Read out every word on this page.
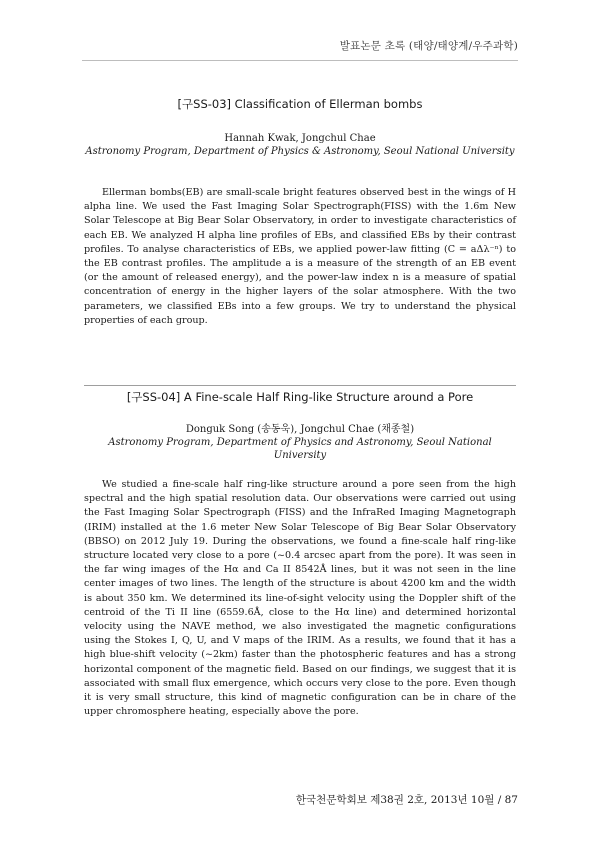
발표논문 초록 (태양/태양계/우주과학)
[구SS-03] Classification of Ellerman bombs

Hannah Kwak, Jongchul Chae

Astronomy Program, Department of Physics & Astronomy, Seoul National University

Ellerman bombs(EB) are small-scale bright features observed best in the wings of H alpha line. We used the Fast Imaging Solar Spectrograph(FISS) with the 1.6m New Solar Telescope at Big Bear Solar Observatory, in order to investigate characteristics of each EB. We analyzed H alpha line profiles of EBs, and classified EBs by their contrast profiles. To analyse characteristics of EBs, we applied power-law fitting (C = aΔλ⁻ⁿ) to the EB contrast profiles. The amplitude a is a measure of the strength of an EB event (or the amount of released energy), and the power-law index n is a measure of spatial concentration of energy in the higher layers of the solar atmosphere. With the two parameters, we classified EBs into a few groups. We try to understand the physical properties of each group.

[구SS-04] A Fine-scale Half Ring-like Structure around a Pore

Donguk Song (송동욱), Jongchul Chae (채종철)

Astronomy Program, Department of Physics and Astronomy, Seoul National University

We studied a fine-scale half ring-like structure around a pore seen from the high spectral and the high spatial resolution data. Our observations were carried out using the Fast Imaging Solar Spectrograph (FISS) and the InfraRed Imaging Magnetograph (IRIM) installed at the 1.6 meter New Solar Telescope of Big Bear Solar Observatory (BBSO) on 2012 July 19. During the observations, we found a fine-scale half ring-like structure located very close to a pore (~0.4 arcsec apart from the pore). It was seen in the far wing images of the Hα and Ca II 8542Å lines, but it was not seen in the line center images of two lines. The length of the structure is about 4200 km and the width is about 350 km. We determined its line-of-sight velocity using the Doppler shift of the centroid of the Ti II line (6559.6Å, close to the Hα line) and determined horizontal velocity using the NAVE method, we also investigated the magnetic configurations using the Stokes I, Q, U, and V maps of the IRIM. As a results, we found that it has a high blue-shift velocity (~2km) faster than the photospheric features and has a strong horizontal component of the magnetic field. Based on our findings, we suggest that it is associated with small flux emergence, which occurs very close to the pore. Even though it is very small structure, this kind of magnetic configuration can be in chare of the upper chromosphere heating, especially above the pore.

한국천문학회보 제38권 2호, 2013년 10월 / 87
